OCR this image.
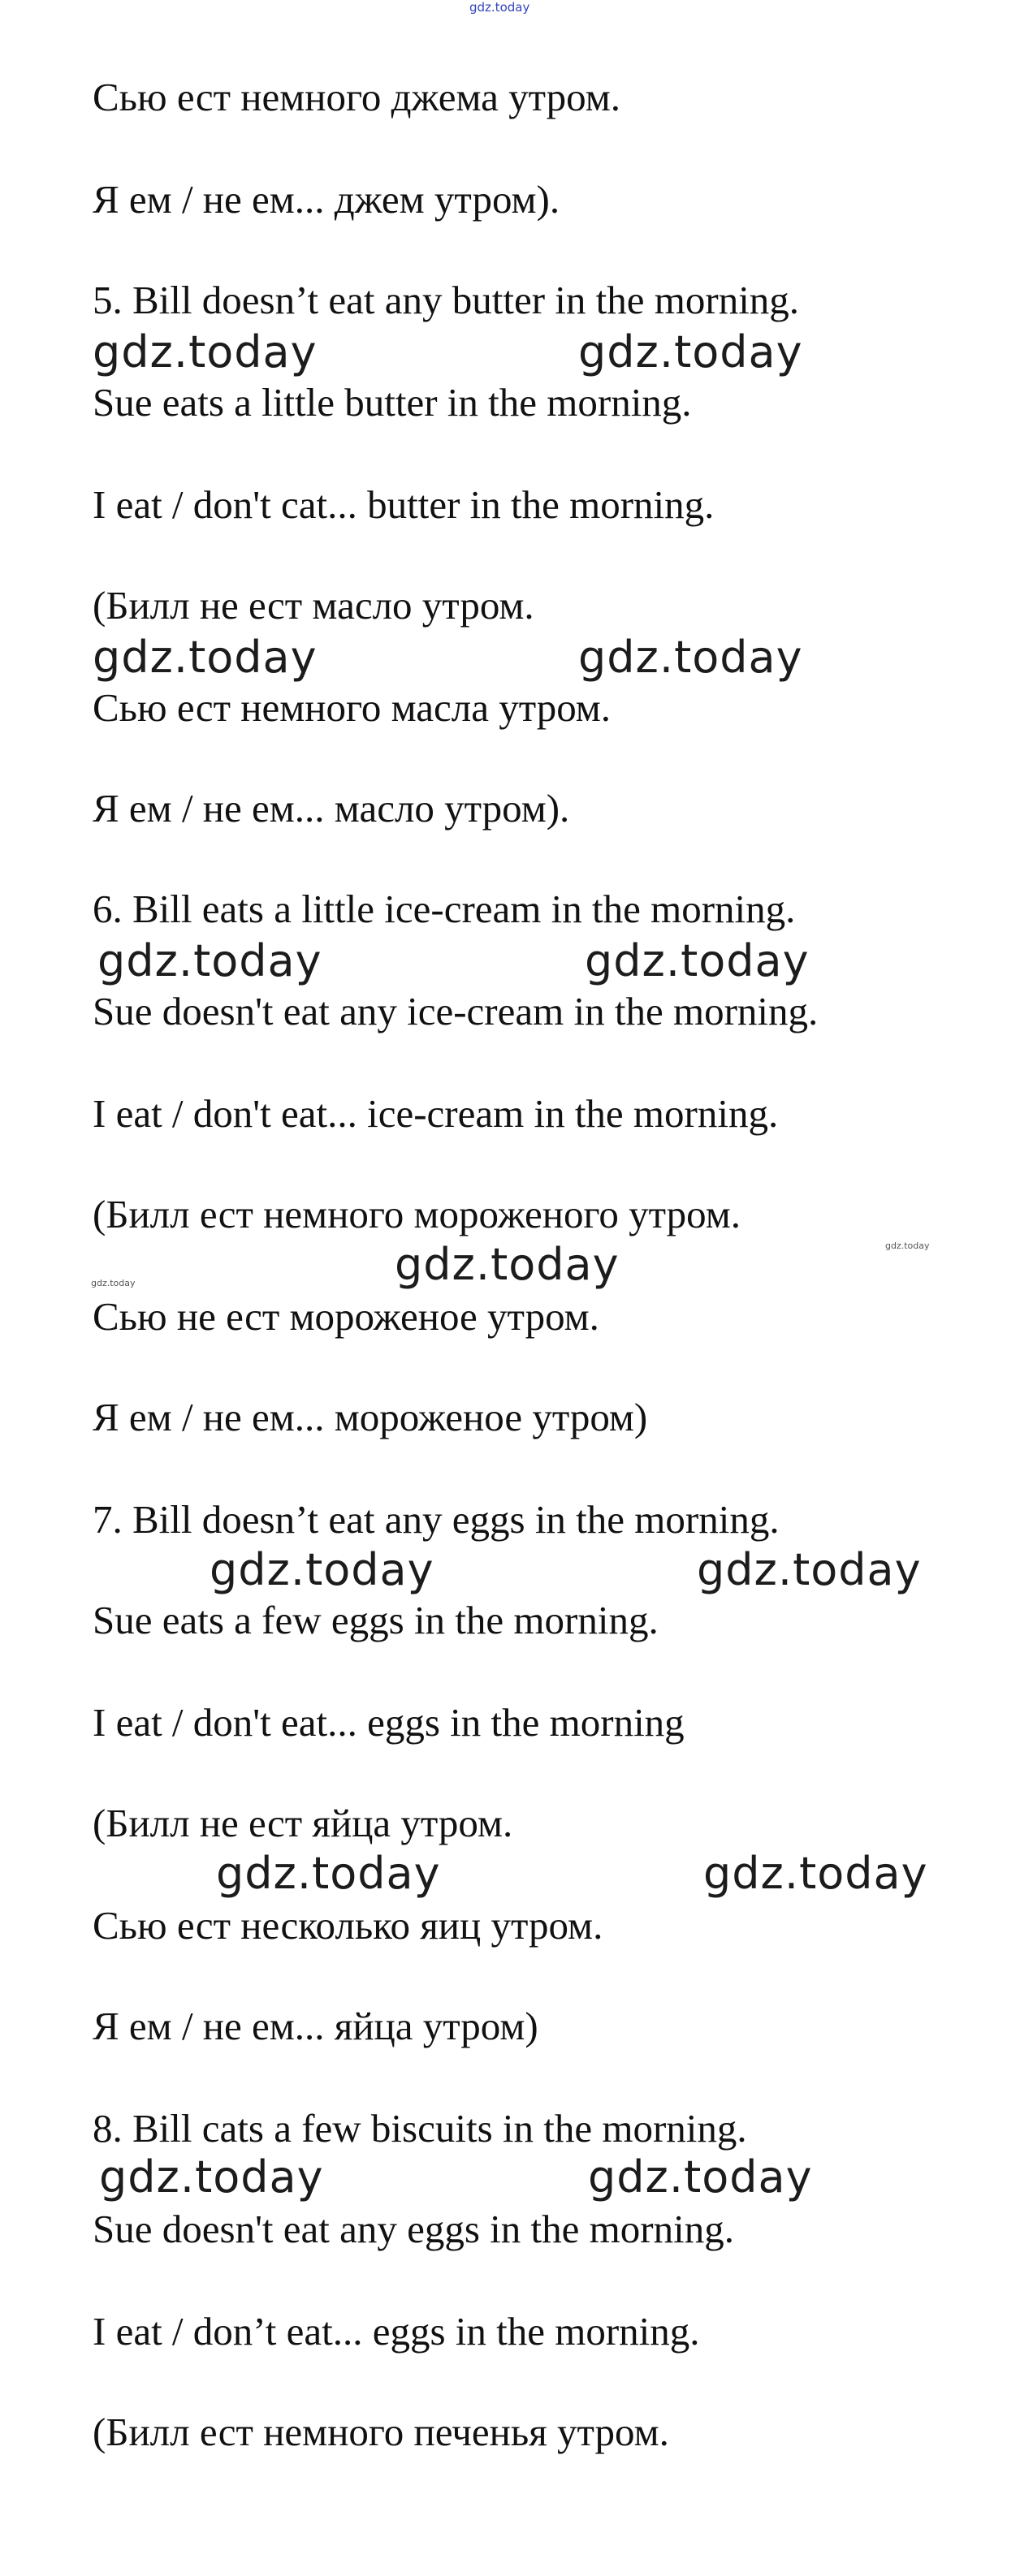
gdz.today
Сью ест немного джема утром.
Я ем / не ем... джем утром).
5. Bill doesn’t eat any butter in the morning.
gdz.today	gdz.today
Sue eats a little butter in the morning.
I eat / don't cat... butter in the morning.
(Билл не ест масло утром.
gdz.today	gdz.today
Сью ест немного масла утром.
Я ем / не ем... масло утром).
6. Bill eats a little ice-cream in the morning.
gdz.today	gdz.today
Sue doesn't eat any ice-cream in the morning.
I eat / don't eat... ice-cream in the morning.
(Билл ест немного мороженого утром.
gdz.today
gdz.today
gdz.today
Сью не ест мороженое утром.
Я ем / не ем... мороженое утром)
7. Bill doesn’t eat any eggs in the morning.
gdz.today	gdz.today
Sue eats a few eggs in the morning.
I eat / don't eat... eggs in the morning
(Билл не ест яйца утром.
gdz.today	gdz.today
Сью ест несколько яиц утром.
Я ем / не ем... яйца утром)
8. Bill cats a few biscuits in the morning.
gdz.today	gdz.today
Sue doesn't eat any eggs in the morning.
I eat / don’t eat... eggs in the morning.
(Билл ест немного печенья утром.
